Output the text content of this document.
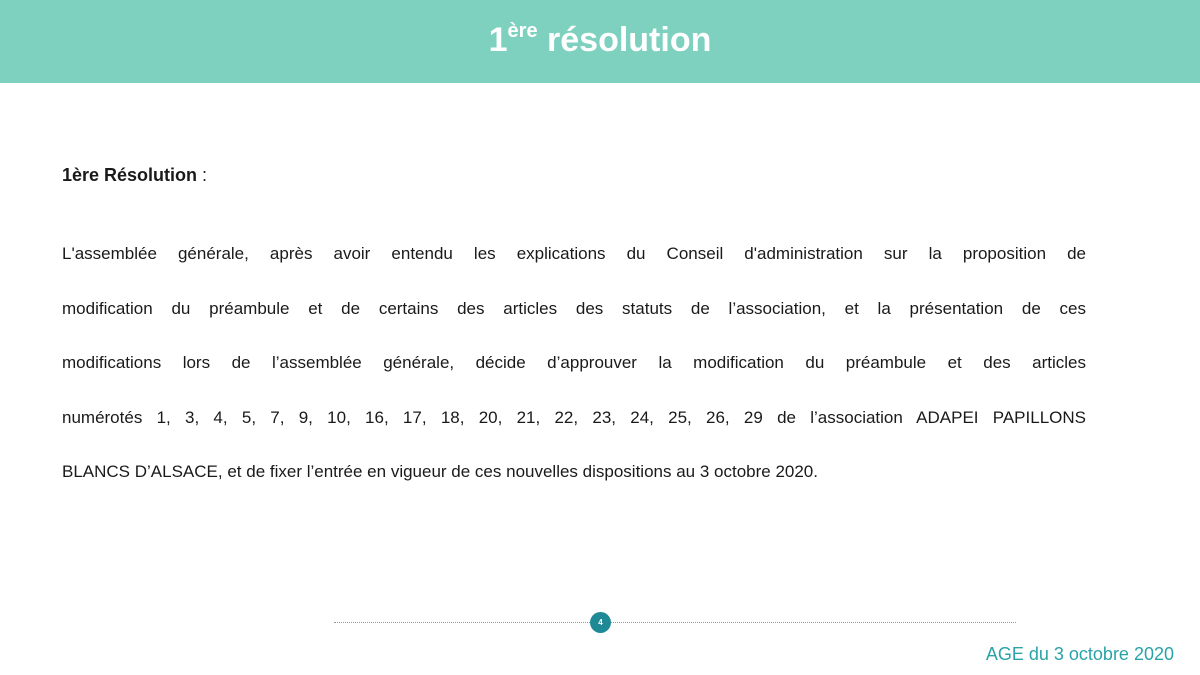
1ère résolution
1ère Résolution :
L'assemblée générale, après avoir entendu les explications du Conseil d'administration sur la proposition de
modification du préambule et de certains des articles des statuts de l’association, et la présentation de ces
modifications lors de l’assemblée générale, décide d’approuver la modification du préambule et des articles
numérotés 1, 3, 4, 5, 7, 9, 10, 16, 17, 18, 20, 21, 22, 23, 24, 25, 26, 29 de l’association ADAPEI PAPILLONS
BLANCS D’ALSACE, et de fixer l’entrée en vigueur de ces nouvelles dispositions au 3 octobre 2020.
4
AGE du 3 octobre 2020
